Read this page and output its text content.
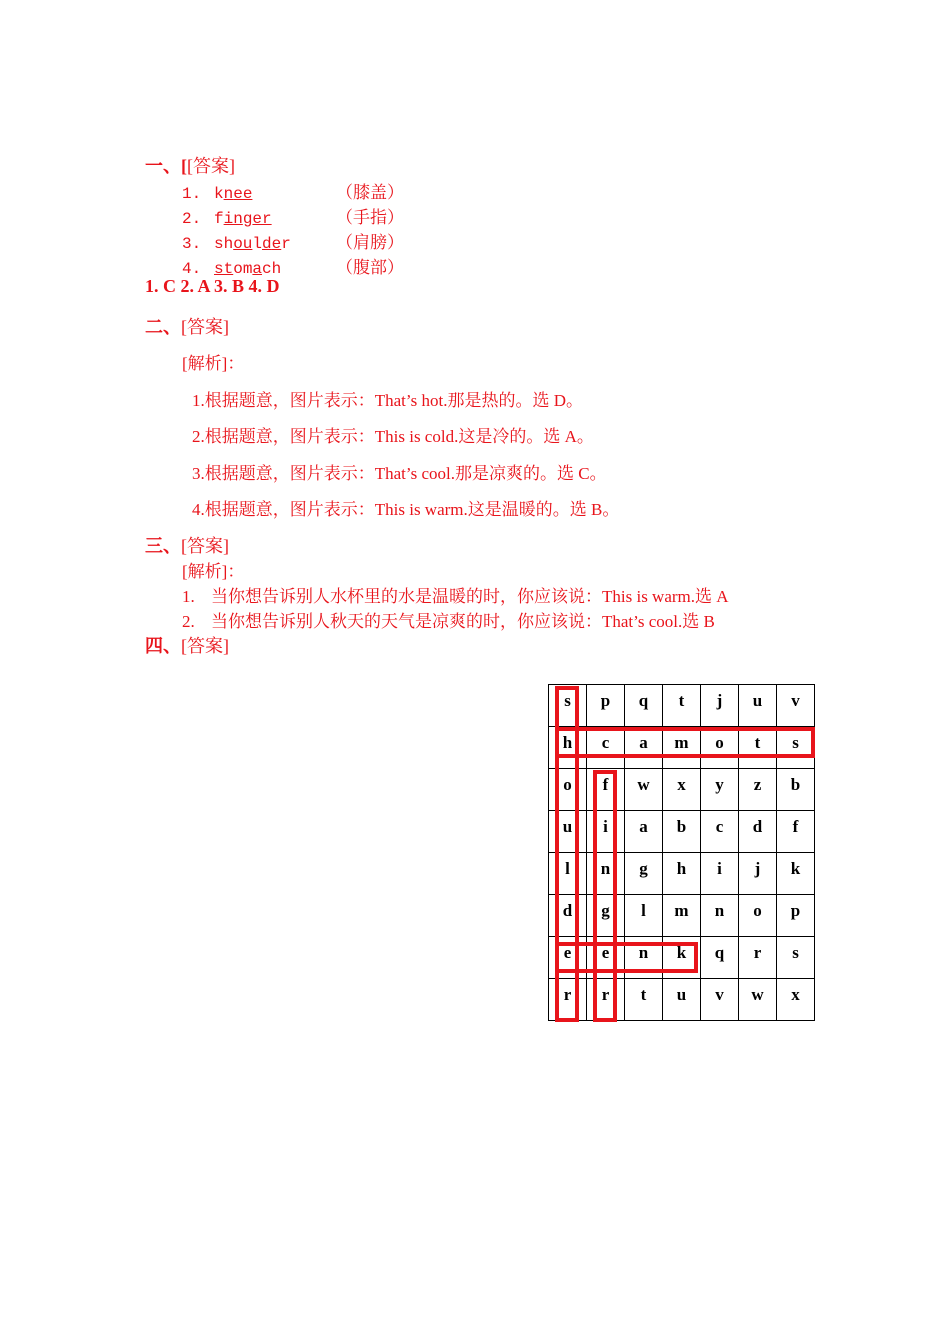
一、[[答案]
1. knee	（膝盖）
2. finger	（手指）
3. shoulder	（肩膀）
4. stomach	（腹部）
1. C 2. A 3. B 4. D
二、[答案]
[解析]：
1.根据题意，图片表示：That’s hot.那是热的。选 D。
2.根据题意，图片表示：This is cold.这是冷的。选 A。
3.根据题意，图片表示：That’s cool.那是凉爽的。选 C。
4.根据题意，图片表示：This is warm.这是温暖的。选 B。
三、[答案]
[解析]：
1. 当你想告诉别人水杯里的水是温暖的时，你应该说：This is warm.选 A
2. 当你想告诉别人秋天的天气是凉爽的时，你应该说：That’s cool.选 B
四、[答案]
s	p	q	t	j	u	v
h	c	a	m	o	t	s
o	f	w	x	y	z	b
u	i	a	b	c	d	f
l	n	g	h	i	j	k
d	g	l	m	n	o	p
e	e	n	k	q	r	s
r	r	t	u	v	w	x
